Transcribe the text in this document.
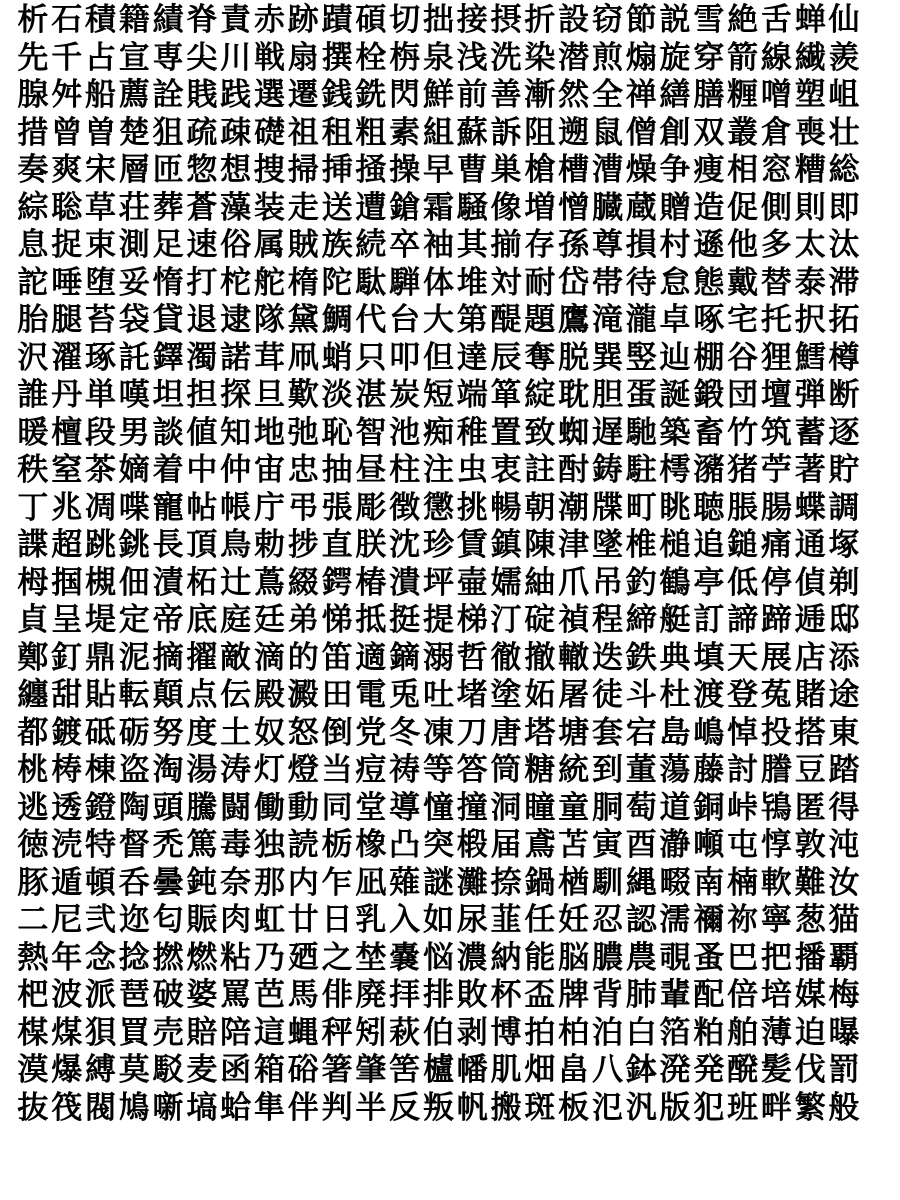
析 石 積 籍 績 脊 責 赤 跡 蹟 碩 切 拙 接 摂 折 設 窃 節 説 雪 絶 舌 蝉 仙
先 千 占 宣 専 尖 川 戦 扇 撰 栓 栴 泉 浅 洗 染 潜 煎 煽 旋 穿 箭 線 繊 羨
腺 舛 船 薦 詮 賎 践 選 遷 銭 銑 閃 鮮 前 善 漸 然 全 禅 繕 膳 糎 噌 塑 岨
措 曾 曽 楚 狙 疏 疎 礎 祖 租 粗 素 組 蘇 訴 阻 遡 鼠 僧 創 双 叢 倉 喪 壮
奏 爽 宋 層 匝 惣 想 捜 掃 挿 掻 操 早 曹 巣 槍 槽 漕 燥 争 痩 相 窓 糟 総
綜 聡 草 荘 葬 蒼 藻 装 走 送 遭 鎗 霜 騒 像 増 憎 臓 蔵 贈 造 促 側 則 即
息 捉 束 測 足 速 俗 属 賊 族 続 卒 袖 其 揃 存 孫 尊 損 村 遜 他 多 太 汰
詑 唾 堕 妥 惰 打 柁 舵 楕 陀 駄 騨 体 堆 対 耐 岱 帯 待 怠 態 戴 替 泰 滞
胎 腿 苔 袋 貸 退 逮 隊 黛 鯛 代 台 大 第 醍 題 鷹 滝 瀧 卓 啄 宅 托 択 拓
沢 濯 琢 託 鐸 濁 諾 茸 凧 蛸 只 叩 但 達 辰 奪 脱 巽 竪 辿 棚 谷 狸 鱈 樽
誰 丹 単 嘆 坦 担 探 旦 歎 淡 湛 炭 短 端 箪 綻 耽 胆 蛋 誕 鍛 団 壇 弾 断
暖 檀 段 男 談 値 知 地 弛 恥 智 池 痴 稚 置 致 蜘 遅 馳 築 畜 竹 筑 蓄 逐
秩 窒 茶 嫡 着 中 仲 宙 忠 抽 昼 柱 注 虫 衷 註 酎 鋳 駐 樗 瀦 猪 苧 著 貯
丁 兆 凋 喋 寵 帖 帳 庁 弔 張 彫 徴 懲 挑 暢 朝 潮 牒 町 眺 聴 脹 腸 蝶 調
諜 超 跳 銚 長 頂 鳥 勅 捗 直 朕 沈 珍 賃 鎮 陳 津 墜 椎 槌 追 鎚 痛 通 塚
栂 掴 槻 佃 漬 柘 辻 蔦 綴 鍔 椿 潰 坪 壷 嬬 紬 爪 吊 釣 鶴 亭 低 停 偵 剃
貞 呈 堤 定 帝 底 庭 廷 弟 悌 抵 挺 提 梯 汀 碇 禎 程 締 艇 訂 諦 蹄 逓 邸
鄭 釘 鼎 泥 摘 擢 敵 滴 的 笛 適 鏑 溺 哲 徹 撤 轍 迭 鉄 典 填 天 展 店 添
纏 甜 貼 転 顛 点 伝 殿 澱 田 電 兎 吐 堵 塗 妬 屠 徒 斗 杜 渡 登 菟 賭 途
都 鍍 砥 砺 努 度 土 奴 怒 倒 党 冬 凍 刀 唐 塔 塘 套 宕 島 嶋 悼 投 搭 東
桃 梼 棟 盗 淘 湯 涛 灯 燈 当 痘 祷 等 答 筒 糖 統 到 董 蕩 藤 討 謄 豆 踏
逃 透 鐙 陶 頭 騰 闘 働 動 同 堂 導 憧 撞 洞 瞳 童 胴 萄 道 銅 峠 鴇 匿 得
徳 涜 特 督 禿 篤 毒 独 読 栃 橡 凸 突 椴 届 鳶 苫 寅 酉 瀞 噸 屯 惇 敦 沌
豚 遁 頓 呑 曇 鈍 奈 那 内 乍 凪 薙 謎 灘 捺 鍋 楢 馴 縄 畷 南 楠 軟 難 汝
二 尼 弐 迩 匂 賑 肉 虹 廿 日 乳 入 如 尿 韮 任 妊 忍 認 濡 禰 祢 寧 葱 猫
熱 年 念 捻 撚 燃 粘 乃 廼 之 埜 嚢 悩 濃 納 能 脳 膿 農 覗 蚤 巴 把 播 覇
杷 波 派 琶 破 婆 罵 芭 馬 俳 廃 拝 排 敗 杯 盃 牌 背 肺 輩 配 倍 培 媒 梅
楳 煤 狽 買 売 賠 陪 這 蝿 秤 矧 萩 伯 剥 博 拍 柏 泊 白 箔 粕 舶 薄 迫 曝
漠 爆 縛 莫 駁 麦 函 箱 硲 箸 肇 筈 櫨 幡 肌 畑 畠 八 鉢 溌 発 醗 髪 伐 罰
抜 筏 閥 鳩 噺 塙 蛤 隼 伴 判 半 反 叛 帆 搬 斑 板 氾 汎 版 犯 班 畔 繁 般
